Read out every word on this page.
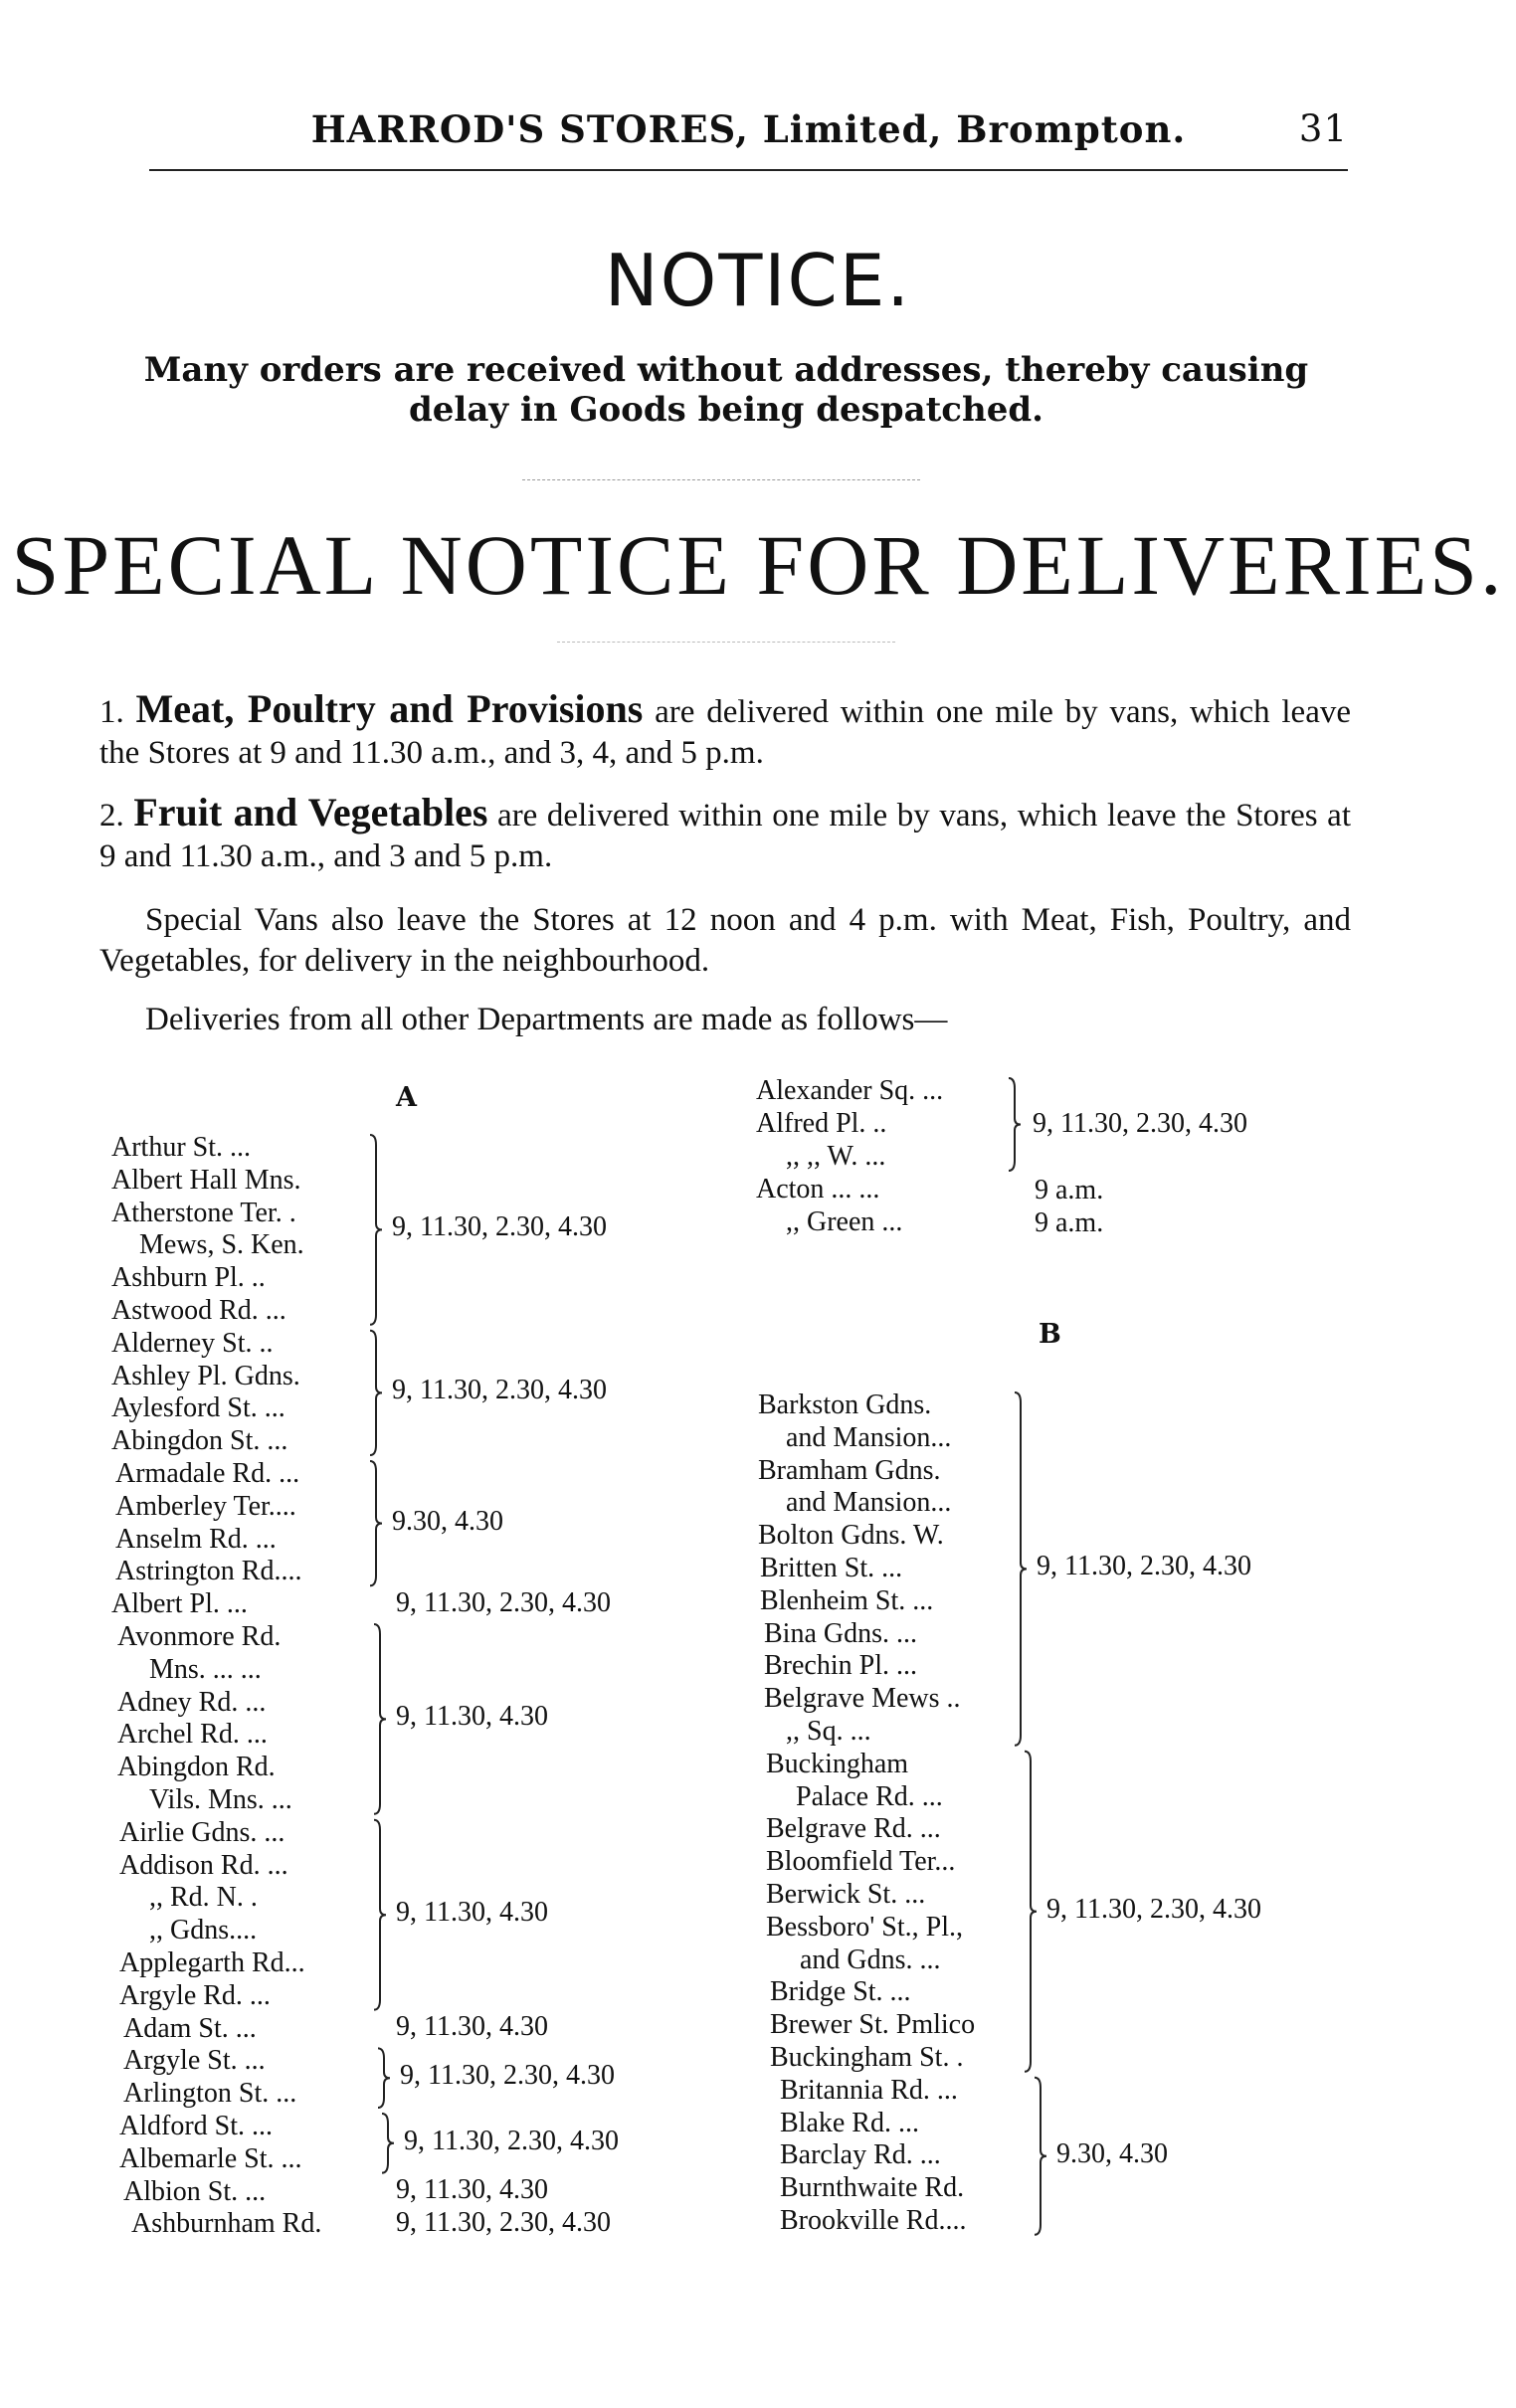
HARROD'S STORES, Limited, Brompton.	31
NOTICE.
Many orders are received without addresses, thereby causing
delay in Goods being despatched.
SPECIAL NOTICE FOR DELIVERIES.
1. Meat, Poultry and Provisions are delivered within one mile by vans, which leave the Stores at 9 and 11.30 a.m., and 3, 4, and 5 p.m.
2. Fruit and Vegetables are delivered within one mile by vans, which leave the Stores at 9 and 11.30 a.m., and 3 and 5 p.m.
Special Vans also leave the Stores at 12 noon and 4 p.m. with Meat, Fish, Poultry, and Vegetables, for delivery in the neighbourhood.
Deliveries from all other Departments are made as follows—
A
B
Arthur St. ...
Albert Hall Mns.
Atherstone Ter. .
Mews, S. Ken.
Ashburn Pl. ..
Astwood Rd. ...
Alderney St. ..
Ashley Pl. Gdns.
Aylesford St. ...
Abingdon St. ...
Armadale Rd. ...
Amberley Ter....
Anselm Rd. ...
Astrington Rd....
Albert Pl. ...
Avonmore Rd.
Mns. ... ...
Adney Rd. ...
Archel Rd. ...
Abingdon Rd.
Vils. Mns. ...
Airlie Gdns. ...
Addison Rd. ...
,, Rd. N. .
,, Gdns....
Applegarth Rd...
Argyle Rd. ...
Adam St. ...
Argyle St. ...
Arlington St. ...
Aldford St. ...
Albemarle St. ...
Albion St. ...
Ashburnham Rd.
9, 11.30, 2.30, 4.30
9, 11.30, 2.30, 4.30
9.30, 4.30
9, 11.30, 2.30, 4.30
9, 11.30, 4.30
9, 11.30, 4.30
9, 11.30, 4.30
9, 11.30, 2.30, 4.30
9, 11.30, 2.30, 4.30
9, 11.30, 4.30
9, 11.30, 2.30, 4.30
Alexander Sq. ...
Alfred Pl. ..
,, ,, W. ...
Acton ... ...
,, Green ...
9, 11.30, 2.30, 4.30
9 a.m.
9 a.m.
Barkston Gdns.
and Mansion...
Bramham Gdns.
and Mansion...
Bolton Gdns. W.
Britten St. ...
Blenheim St. ...
Bina Gdns. ...
Brechin Pl. ...
Belgrave Mews ..
,, Sq. ...
Buckingham
Palace Rd. ...
Belgrave Rd. ...
Bloomfield Ter...
Berwick St. ...
Bessboro' St., Pl.,
and Gdns. ...
Bridge St. ...
Brewer St. Pmlico
Buckingham St. .
Britannia Rd. ...
Blake Rd. ...
Barclay Rd. ...
Burnthwaite Rd.
Brookville Rd....
9, 11.30, 2.30, 4.30
9, 11.30, 2.30, 4.30
9.30, 4.30
